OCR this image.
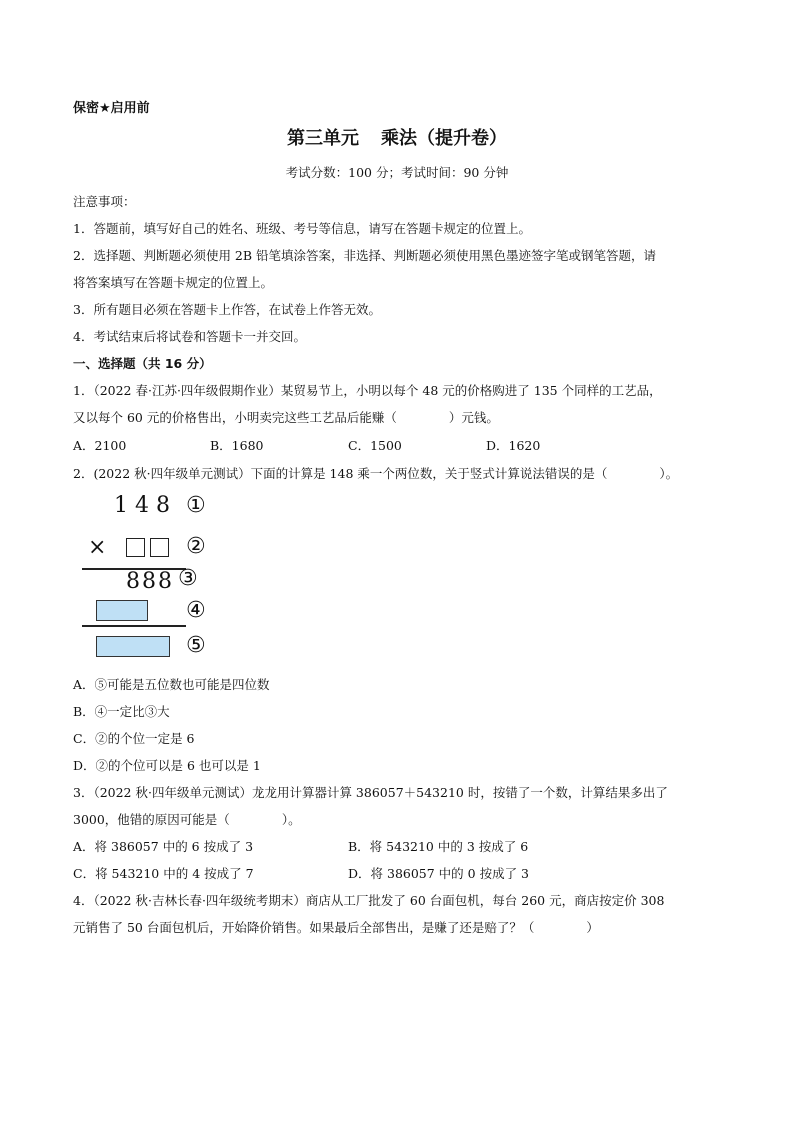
保密★启用前
第三单元 乘法（提升卷）
考试分数：100 分；考试时间：90 分钟
注意事项：
1．答题前，填写好自己的姓名、班级、考号等信息，请写在答题卡规定的位置上。
2．选择题、判断题必须使用 2B 铅笔填涂答案，非选择、判断题必须使用黑色墨迹签字笔或钢笔答题，请
将答案填写在答题卡规定的位置上。
3．所有题目必须在答题卡上作答，在试卷上作答无效。
4．考试结束后将试卷和答题卡一并交回。
一、选择题（共 16 分）
1．（2022 春·江苏·四年级假期作业）某贸易节上，小明以每个 48 元的价格购进了 135 个同样的工艺品，
又以每个 60 元的价格售出，小明卖完这些工艺品后能赚（	）元钱。
A．2100	B．1680	C．1500	D．1620
2．(2022 秋·四年级单元测试）下面的计算是 148 乘一个两位数，关于竖式计算说法错误的是（	）。
1 4 8 ①
×	②
8 8 8 ③
④
⑤
A．⑤可能是五位数也可能是四位数
B．④一定比③大
C．②的个位一定是 6
D．②的个位可以是 6 也可以是 1
3．（2022 秋·四年级单元测试）龙龙用计算器计算 386057＋543210 时，按错了一个数，计算结果多出了
3000，他错的原因可能是（	）。
A．将 386057 中的 6 按成了 3	B．将 543210 中的 3 按成了 6
C．将 543210 中的 4 按成了 7	D．将 386057 中的 0 按成了 3
4．（2022 秋·吉林长春·四年级统考期末）商店从工厂批发了 60 台面包机，每台 260 元，商店按定价 308
元销售了 50 台面包机后，开始降价销售。如果最后全部售出，是赚了还是赔了？（	）
